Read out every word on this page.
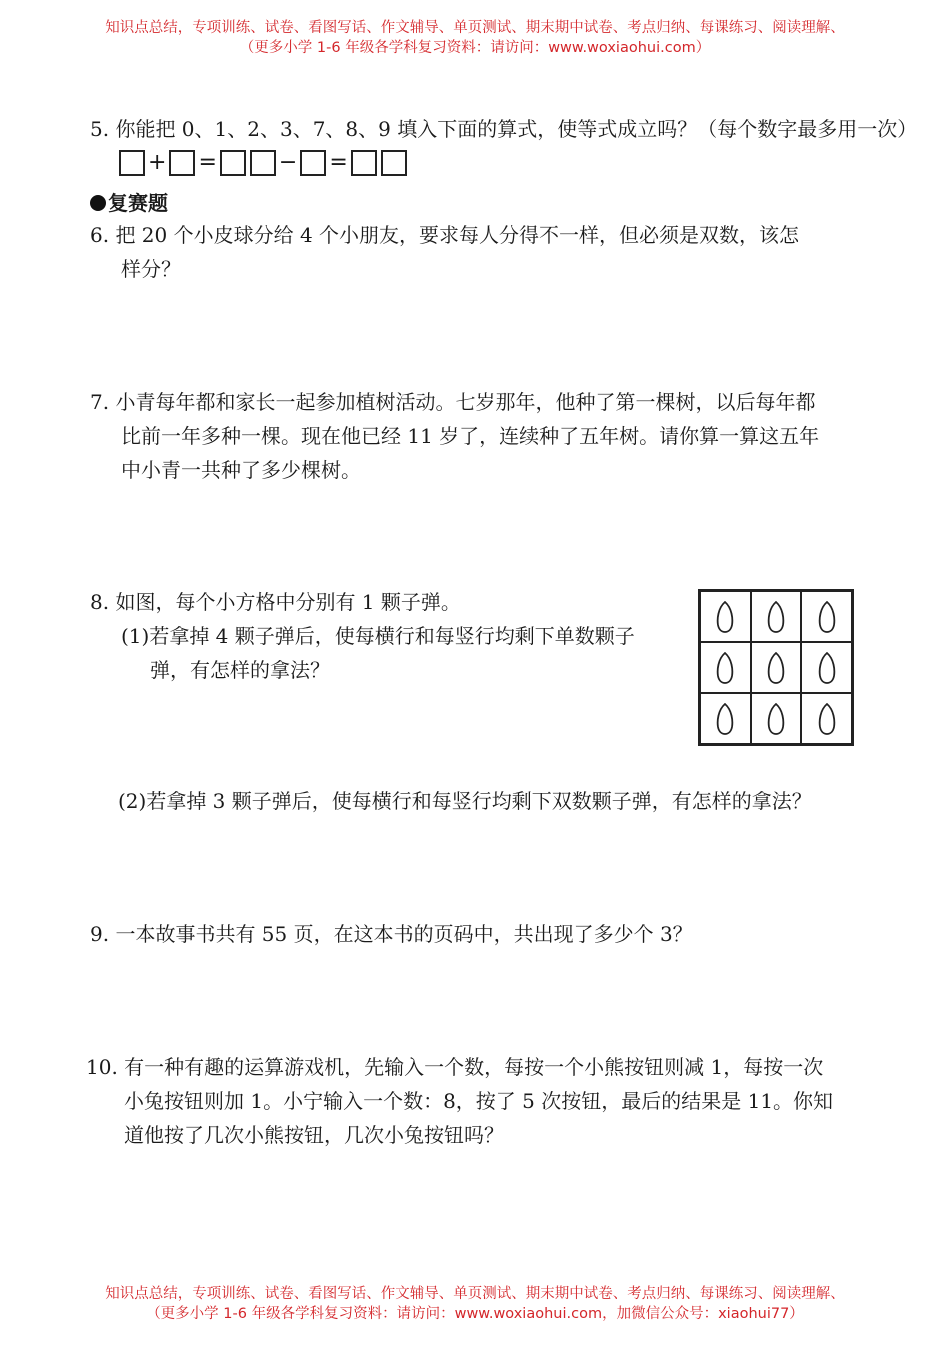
知识点总结，专项训练、试卷、看图写话、作文辅导、单页测试、期末期中试卷、考点归纳、每课练习、阅读理解、
（更多小学 1-6 年级各学科复习资料：请访问：www.woxiaohui.com）
5. 你能把 0、1、2、3、7、8、9 填入下面的算式，使等式成立吗？（每个数字最多用一次）
+ =	− =
复赛题
6. 把 20 个小皮球分给 4 个小朋友，要求每人分得不一样，但必须是双数，该怎
样分？
7. 小青每年都和家长一起参加植树活动。七岁那年，他种了第一棵树，以后每年都
比前一年多种一棵。现在他已经 11 岁了，连续种了五年树。请你算一算这五年
中小青一共种了多少棵树。
8. 如图，每个小方格中分别有 1 颗子弹。
(1)若拿掉 4 颗子弹后，使每横行和每竖行均剩下单数颗子
弹，有怎样的拿法？
(2)若拿掉 3 颗子弹后，使每横行和每竖行均剩下双数颗子弹，有怎样的拿法？
9. 一本故事书共有 55 页，在这本书的页码中，共出现了多少个 3？
10. 有一种有趣的运算游戏机，先输入一个数，每按一个小熊按钮则减 1，每按一次
小兔按钮则加 1。小宁输入一个数：8，按了 5 次按钮，最后的结果是 11。你知
道他按了几次小熊按钮，几次小兔按钮吗？
知识点总结，专项训练、试卷、看图写话、作文辅导、单页测试、期末期中试卷、考点归纳、每课练习、阅读理解、
（更多小学 1-6 年级各学科复习资料：请访问：www.woxiaohui.com，加微信公众号：xiaohui77）
